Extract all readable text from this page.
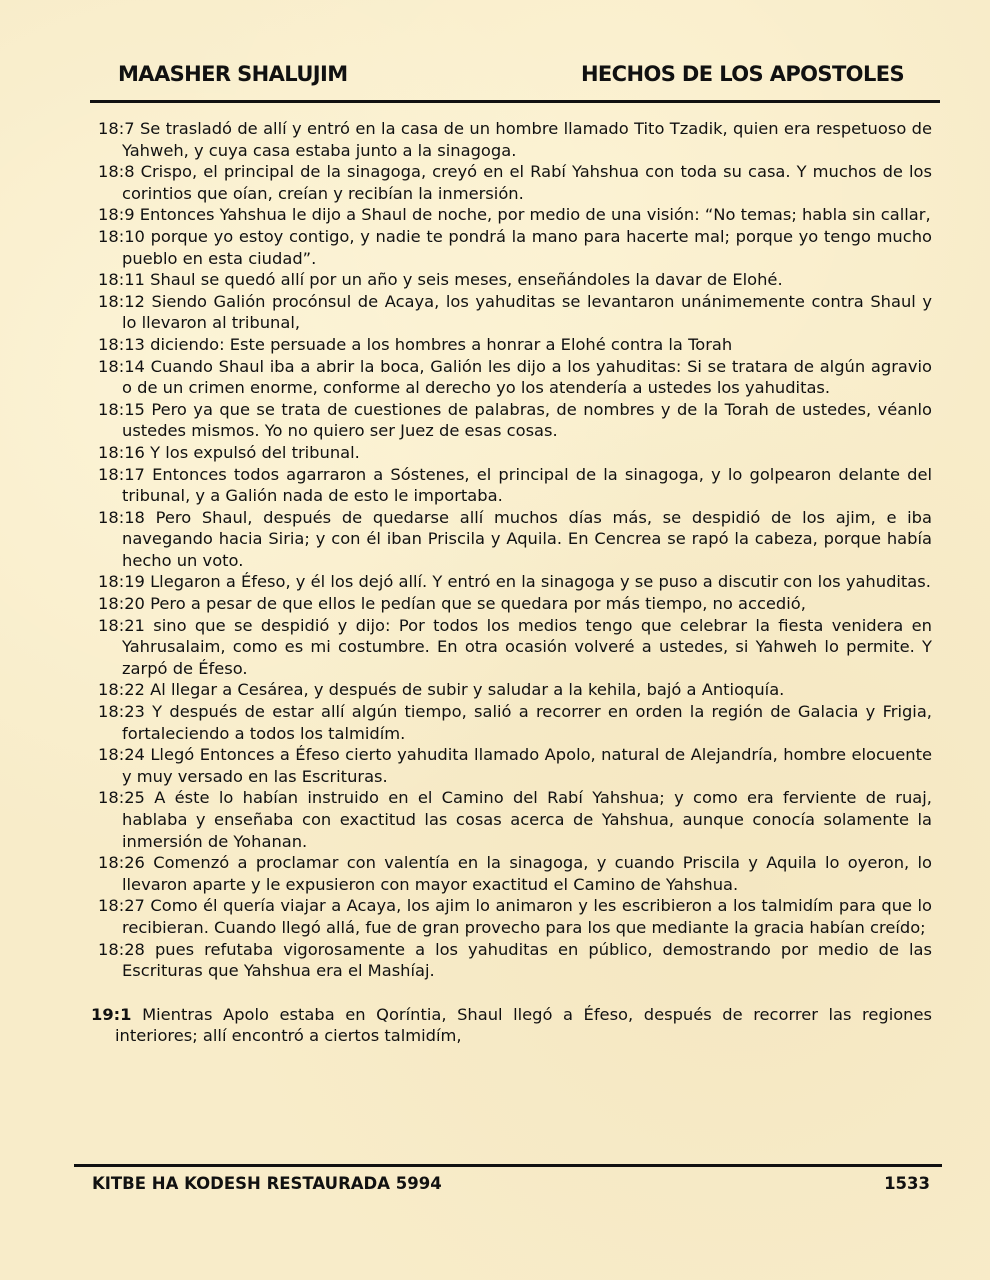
MAASHER SHALUJIM	HECHOS DE LOS APOSTOLES

18:7 Se trasladó de allí y entró en la casa de un hombre llamado Tito Tzadik, quien era respetuoso de Yahweh, y cuya casa estaba junto a la sinagoga.

18:8 Crispo, el principal de la sinagoga, creyó en el Rabí Yahshua con toda su casa. Y muchos de los corintios que oían, creían y recibían la inmersión.

18:9 Entonces Yahshua le dijo a Shaul de noche, por medio de una visión: “No temas; habla sin callar,

18:10 porque yo estoy contigo, y nadie te pondrá la mano para hacerte mal; porque yo tengo mucho pueblo en esta ciudad”.

18:11 Shaul se quedó allí por un año y seis meses, enseñándoles la davar de Elohé.

18:12 Siendo Galión procónsul de Acaya, los yahuditas se levantaron unánimemente contra Shaul y lo llevaron al tribunal,

18:13 diciendo: Este persuade a los hombres a honrar a Elohé contra la Torah

18:14 Cuando Shaul iba a abrir la boca, Galión les dijo a los yahuditas: Si se tratara de algún agravio o de un crimen enorme, conforme al derecho yo los atendería a ustedes los yahuditas.

18:15 Pero ya que se trata de cuestiones de palabras, de nombres y de la Torah de ustedes, véanlo ustedes mismos. Yo no quiero ser Juez de esas cosas.

18:16 Y los expulsó del tribunal.

18:17 Entonces todos agarraron a Sóstenes, el principal de la sinagoga, y lo golpearon delante del tribunal, y a Galión nada de esto le importaba.

18:18 Pero Shaul, después de quedarse allí muchos días más, se despidió de los ajim, e iba navegando hacia Siria; y con él iban Priscila y Aquila. En Cencrea se rapó la cabeza, porque había hecho un voto.

18:19 Llegaron a Éfeso, y él los dejó allí. Y entró en la sinagoga y se puso a discutir con los yahuditas.

18:20 Pero a pesar de que ellos le pedían que se quedara por más tiempo, no accedió,

18:21 sino que se despidió y dijo: Por todos los medios tengo que celebrar la fiesta venidera en Yahrusalaim, como es mi costumbre. En otra ocasión volveré a ustedes, si Yahweh lo permite. Y zarpó de Éfeso.

18:22 Al llegar a Cesárea, y después de subir y saludar a la kehila, bajó a Antioquía.

18:23 Y después de estar allí algún tiempo, salió a recorrer en orden la región de Galacia y Frigia, fortaleciendo a todos los talmidím.

18:24 Llegó Entonces a Éfeso cierto yahudita llamado Apolo, natural de Alejandría, hombre elocuente y muy versado en las Escrituras.

18:25 A éste lo habían instruido en el Camino del Rabí Yahshua; y como era ferviente de ruaj, hablaba y enseñaba con exactitud las cosas acerca de Yahshua, aunque conocía solamente la inmersión de Yohanan.

18:26 Comenzó a proclamar con valentía en la sinagoga, y cuando Priscila y Aquila lo oyeron, lo llevaron aparte y le expusieron con mayor exactitud el Camino de Yahshua.

18:27 Como él quería viajar a Acaya, los ajim lo animaron y les escribieron a los talmidím para que lo recibieran. Cuando llegó allá, fue de gran provecho para los que mediante la gracia habían creído;

18:28 pues refutaba vigorosamente a los yahuditas en público, demostrando por medio de las Escrituras que Yahshua era el Mashíaj.

19:1 Mientras Apolo estaba en Qoríntia, Shaul llegó a Éfeso, después de recorrer las regiones interiores; allí encontró a ciertos talmidím,

KITBE HA KODESH RESTAURADA 5994	1533
